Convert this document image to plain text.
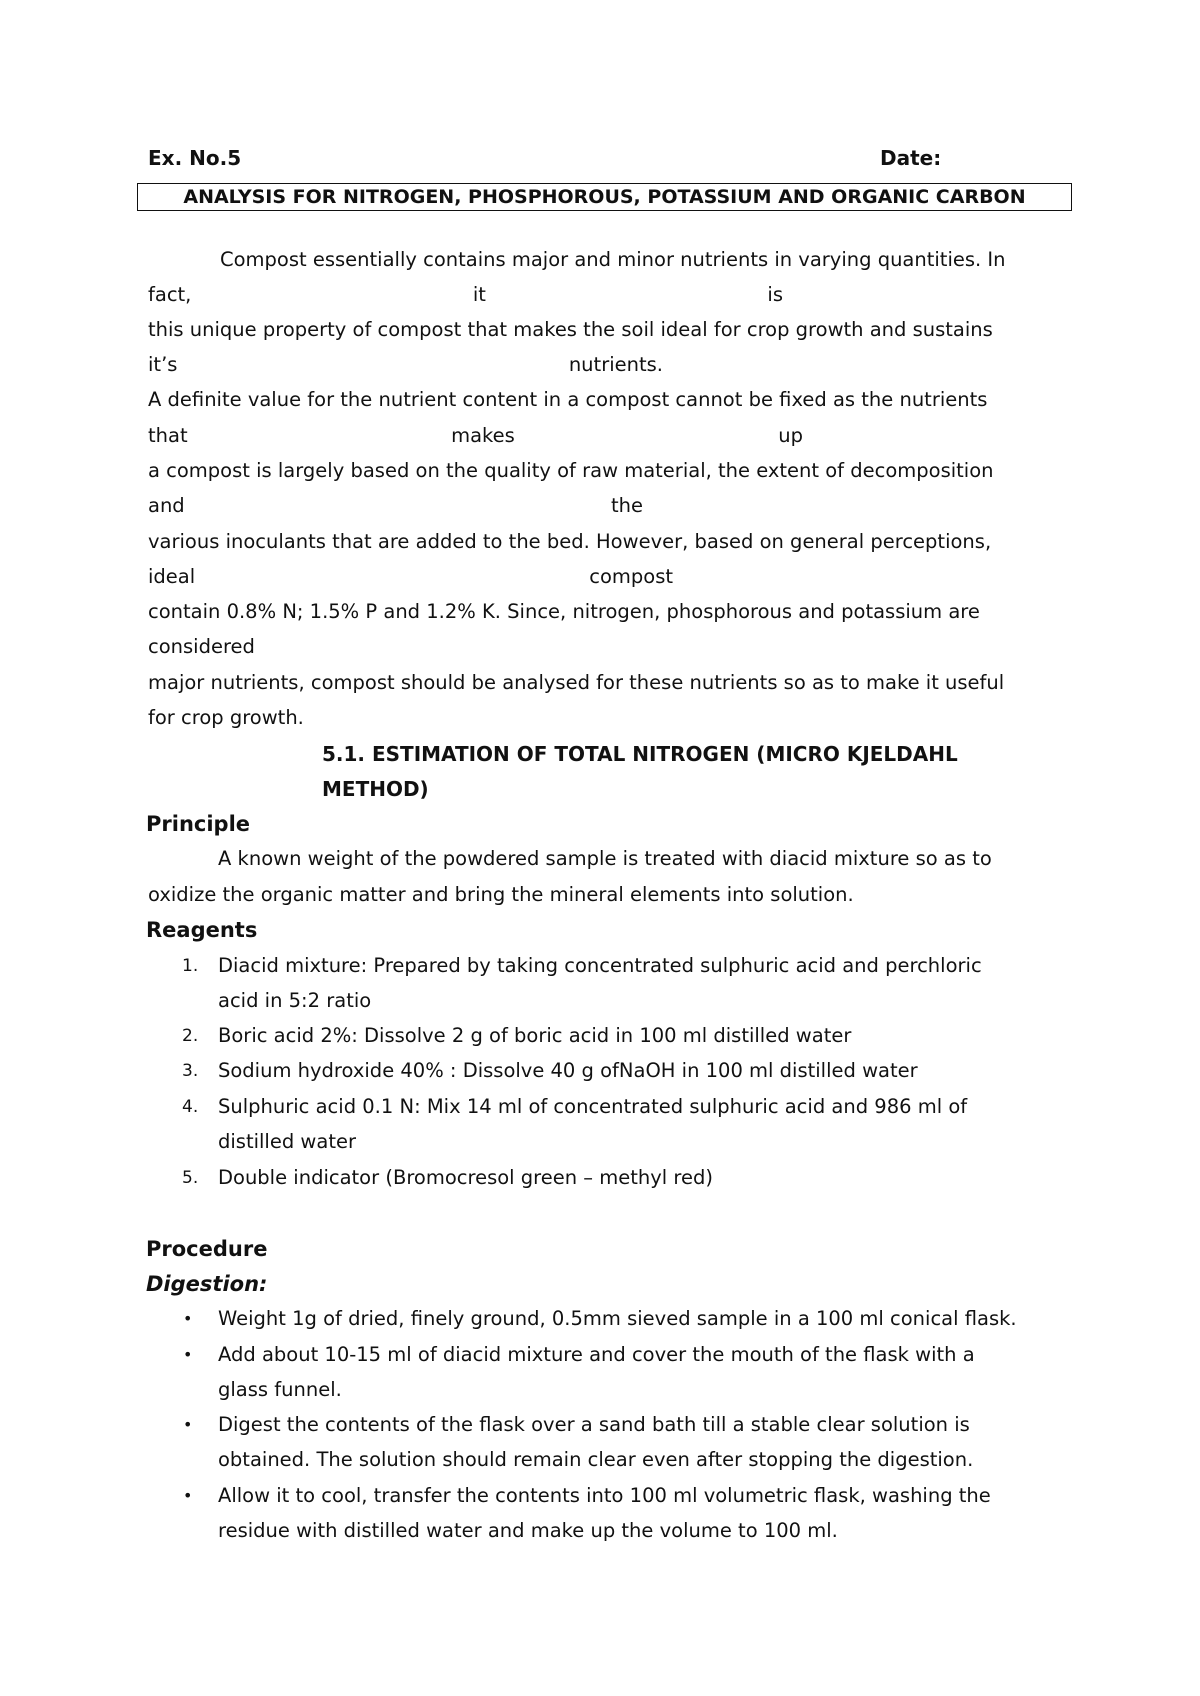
Ex. No.5	Date:
ANALYSIS FOR NITROGEN, PHOSPHOROUS, POTASSIUM AND ORGANIC CARBON
Compost essentially contains major and minor nutrients in varying quantities. In
fact,	it	is
this unique property of compost that makes the soil ideal for crop growth and sustains
it’s	nutrients.
A definite value for the nutrient content in a compost cannot be fixed as the nutrients
that	makes	up
a compost is largely based on the quality of raw material, the extent of decomposition
and	the
various inoculants that are added to the bed. However, based on general perceptions,
ideal	compost
contain 0.8% N; 1.5% P and 1.2% K. Since, nitrogen, phosphorous and potassium are
considered
major nutrients, compost should be analysed for these nutrients so as to make it useful
for crop growth.
5.1. ESTIMATION OF TOTAL NITROGEN (MICRO KJELDAHL
METHOD)
Principle
A known weight of the powdered sample is treated with diacid mixture so as to
oxidize the organic matter and bring the mineral elements into solution.
Reagents
1. Diacid mixture: Prepared by taking concentrated sulphuric acid and perchloric
acid in 5:2 ratio
2. Boric acid 2%: Dissolve 2 g of boric acid in 100 ml distilled water
3. Sodium hydroxide 40% : Dissolve 40 g ofNaOH in 100 ml distilled water
4. Sulphuric acid 0.1 N: Mix 14 ml of concentrated sulphuric acid and 986 ml of
distilled water
5. Double indicator (Bromocresol green – methyl red)
Procedure
Digestion:
• Weight 1g of dried, finely ground, 0.5mm sieved sample in a 100 ml conical flask.
• Add about 10-15 ml of diacid mixture and cover the mouth of the flask with a
glass funnel.
• Digest the contents of the flask over a sand bath till a stable clear solution is
obtained. The solution should remain clear even after stopping the digestion.
• Allow it to cool, transfer the contents into 100 ml volumetric flask, washing the
residue with distilled water and make up the volume to 100 ml.
